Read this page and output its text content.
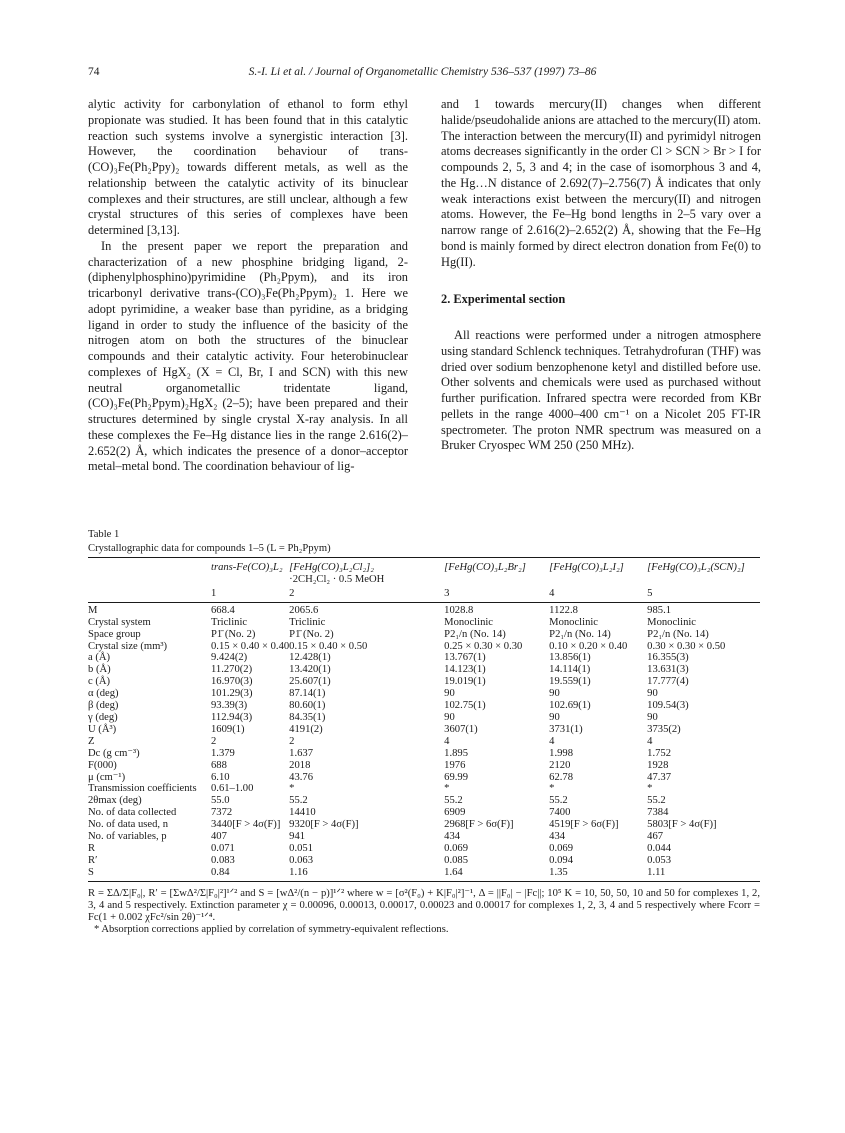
74	S.-I. Li et al. / Journal of Organometallic Chemistry 536–537 (1997) 73–86

alytic activity for carbonylation of ethanol to form ethyl propionate was studied. It has been found that in this catalytic reaction such systems involve a synergistic interaction [3]. However, the coordination behaviour of trans-(CO)₃Fe(Ph₂Ppy)₂ towards different metals, as well as the relationship between the catalytic activity of its binuclear complexes and their structures, are still unclear, although a few crystal structures of this series of complexes have been determined [3,13].

In the present paper we report the preparation and characterization of a new phosphine bridging ligand, 2-(diphenylphosphino)pyrimidine (Ph₂Ppym), and its iron tricarbonyl derivative trans-(CO)₃Fe(Ph₂Ppym)₂ 1. Here we adopt pyrimidine, a weaker base than pyridine, as a bridging ligand in order to study the influence of the basicity of the nitrogen atom on both the structures of the binuclear compounds and their catalytic activity. Four heterobinuclear complexes of HgX₂ (X = Cl, Br, I and SCN) with this new neutral organometallic tridentate ligand, (CO)₃Fe(Ph₂Ppym)₂HgX₂ (2–5); have been prepared and their structures determined by single crystal X-ray analysis. In all these complexes the Fe–Hg distance lies in the range 2.616(2)–2.652(2) Å, which indicates the presence of a donor–acceptor metal–metal bond. The coordination behaviour of lig-

and 1 towards mercury(II) changes when different halide/pseudohalide anions are attached to the mercury(II) atom. The interaction between the mercury(II) and pyrimidyl nitrogen atoms decreases significantly in the order Cl > SCN > Br > I for compounds 2, 5, 3 and 4; in the case of isomorphous 3 and 4, the Hg…N distance of 2.692(7)–2.756(7) Å indicates that only weak interactions exist between the mercury(II) and nitrogen atoms. However, the Fe–Hg bond lengths in 2–5 vary over a narrow range of 2.616(2)–2.652(2) Å, showing that the Fe–Hg bond is mainly formed by direct electron donation from Fe(0) to Hg(II).

2. Experimental section

All reactions were performed under a nitrogen atmosphere using standard Schlenck techniques. Tetrahydrofuran (THF) was dried over sodium benzophenone ketyl and distilled before use. Other solvents and chemicals were used as purchased without further purification. Infrared spectra were recorded from KBr pellets in the range 4000–400 cm⁻¹ on a Nicolet 205 FT-IR spectrometer. The proton NMR spectrum was measured on a Bruker Cryospec WM 250 (250 MHz).

Table 1
Crystallographic data for compounds 1–5 (L = Ph₂Ppym)
	trans-Fe(CO)₃L₂	[FeHg(CO)₃L₂Cl₂]₂	[FeHg(CO)₃L₂Br₂]	[FeHg(CO)₃L₂I₂]	[FeHg(CO)₃L₂(SCN)₂]
		·2CH₂Cl₂ · 0.5 MeOH			
	1	2	3	4	5
M	668.4	2065.6	1028.8	1122.8	985.1
Crystal system	Triclinic	Triclinic	Monoclinic	Monoclinic	Monoclinic
Space group	P1̄ (No. 2)	P1̄ (No. 2)	P2₁/n (No. 14)	P2₁/n (No. 14)	P2₁/n (No. 14)
Crystal size (mm³)	0.15 × 0.40 × 0.40	0.15 × 0.40 × 0.50	0.25 × 0.30 × 0.30	0.10 × 0.20 × 0.40	0.30 × 0.30 × 0.50
a (Å)	9.424(2)	12.428(1)	13.767(1)	13.856(1)	16.355(3)
b (Å)	11.270(2)	13.420(1)	14.123(1)	14.114(1)	13.631(3)
c (Å)	16.970(3)	25.607(1)	19.019(1)	19.559(1)	17.777(4)
α (deg)	101.29(3)	87.14(1)	90	90	90
β (deg)	93.39(3)	80.60(1)	102.75(1)	102.69(1)	109.54(3)
γ (deg)	112.94(3)	84.35(1)	90	90	90
U (Å³)	1609(1)	4191(2)	3607(1)	3731(1)	3735(2)
Z	2	2	4	4	4
Dc (g cm⁻³)	1.379	1.637	1.895	1.998	1.752
F(000)	688	2018	1976	2120	1928
μ (cm⁻¹)	6.10	43.76	69.99	62.78	47.37
Transmission coefficients	0.61–1.00	*	*	*	*
2θmax (deg)	55.0	55.2	55.2	55.2	55.2
No. of data collected	7372	14410	6909	7400	7384
No. of data used, n	3440[F > 4σ(F)]	9320[F > 4σ(F)]	2968[F > 6σ(F)]	4519[F > 6σ(F)]	5803[F > 4σ(F)]
No. of variables, p	407	941	434	434	467
R	0.071	0.051	0.069	0.069	0.044
R′	0.083	0.063	0.085	0.094	0.053
S	0.84	1.16	1.64	1.35	1.11

R = ΣΔ/Σ|F₀|, R′ = [ΣwΔ²/Σ|F₀|²]¹ᐟ² and S = [wΔ²/(n − p)]¹ᐟ² where w = [σ²(F₀) + K|F₀|²]⁻¹, Δ = ||F₀| − |Fc||; 10⁵ K = 10, 50, 50, 10 and 50 for complexes 1, 2, 3, 4 and 5 respectively. Extinction parameter χ = 0.00096, 0.00013, 0.00017, 0.00023 and 0.00017 for complexes 1, 2, 3, 4 and 5 respectively where Fcorr = Fc(1 + 0.002 χFc²/sin 2θ)⁻¹ᐟ⁴.

* Absorption corrections applied by correlation of symmetry-equivalent reflections.
